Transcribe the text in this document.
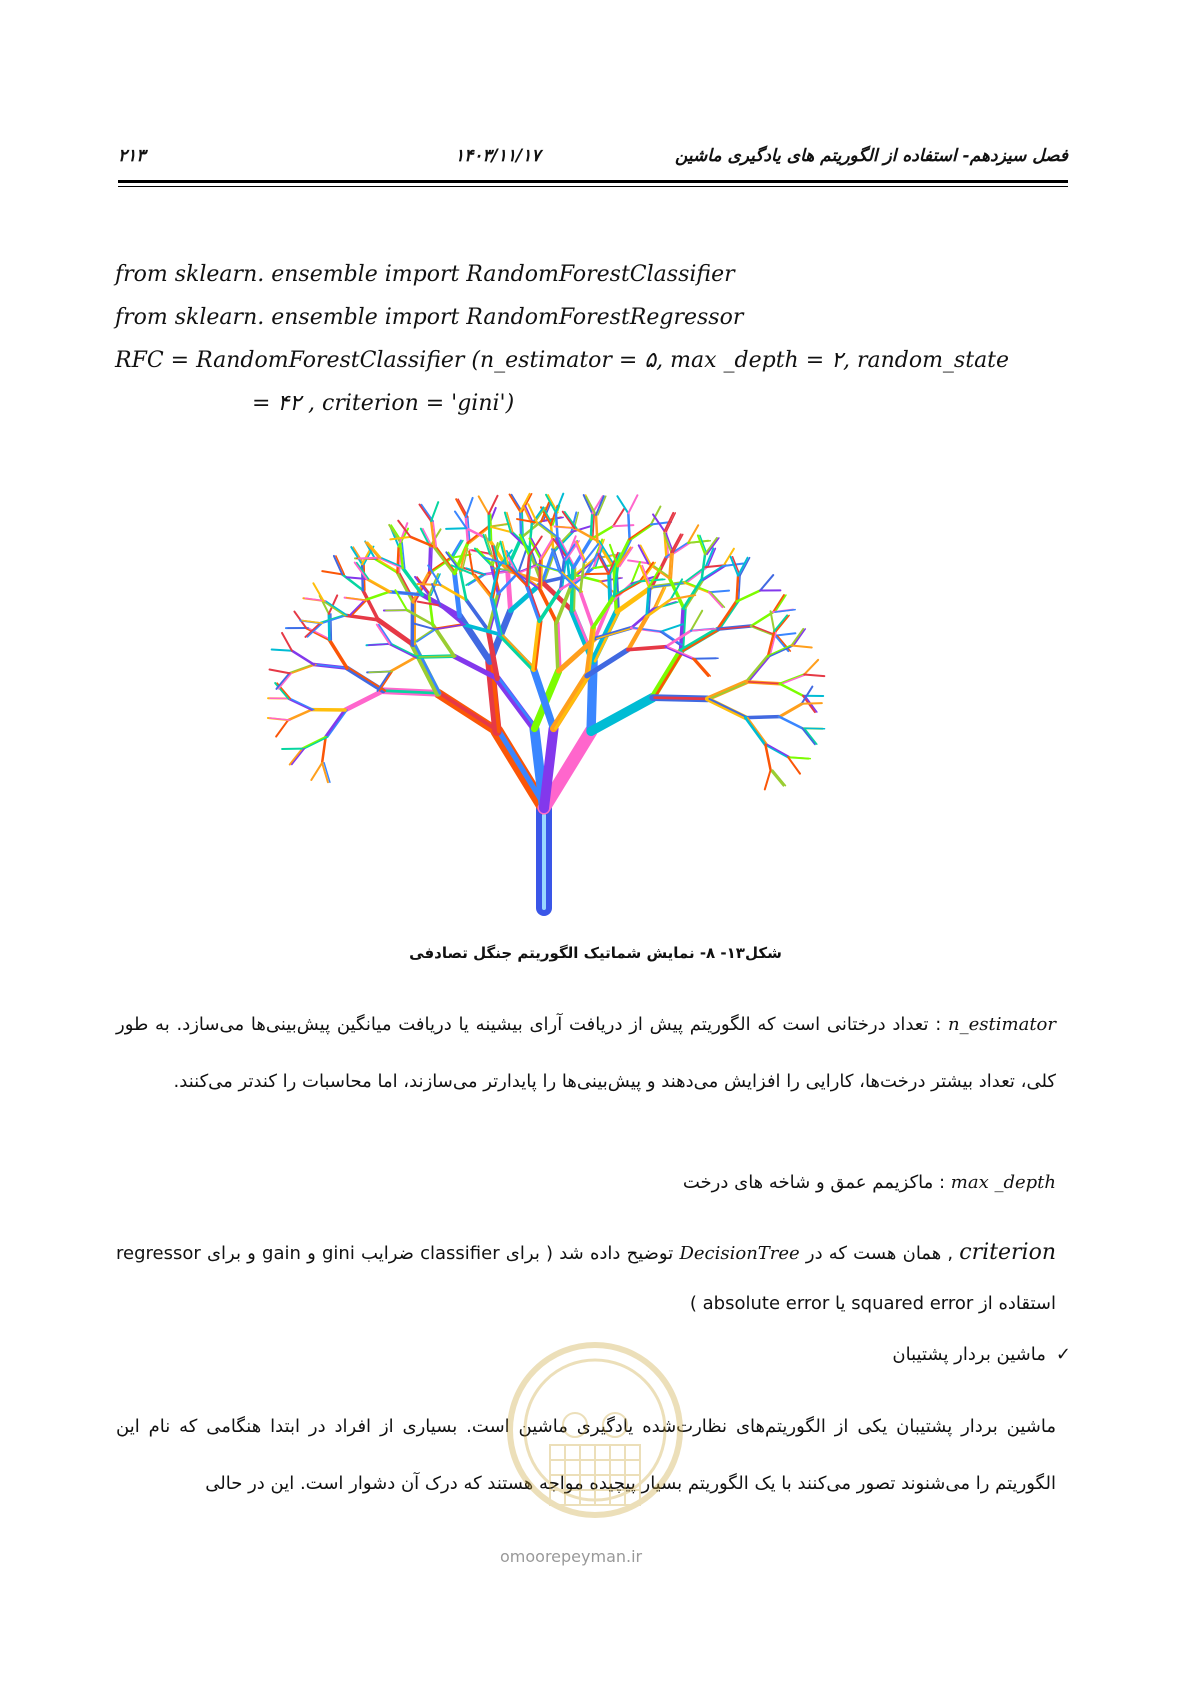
۲۱۳	۱۴۰۳/۱۱/۱۷	فصل سیزدهم- استفاده از الگوریتم های یادگیری ماشین
from sklearn. ensemble import RandomForestClassifier
from sklearn. ensemble import RandomForestRegressor
RFC = RandomForestClassifier (n_estimator = ۵, max _depth = ۲, random_state
= ۴۲ , criterion = 'gini')
شکل۱۳- ۸- نمایش شماتیک الگوریتم جنگل تصادفی
n_estimator : تعداد درختانی است که الگوریتم پیش از دریافت آرای بیشینه یا دریافت میانگین پیش‌بینی‌ها می‌سازد. به طور کلی، تعداد بیشتر درخت‌ها، کارایی را افزایش می‌دهند و پیش‌بینی‌ها را پایدارتر می‌سازند، اما محاسبات را کندتر می‌کنند.
max _depth : ماکزیمم عمق و شاخه های درخت
criterion , همان هست که در DecisionTree توضیح داده شد ( برای classifier ضرایب gini و gain و برای regressor استقاده از squared error یا absolute error )
✓ماشین بردار پشتیبان
ماشین بردار پشتیبان یکی از الگوریتم‌های نظارت‌شده یادگیری ماشین است. بسیاری از افراد در ابتدا هنگامی که نام این الگوریتم را می‌شنوند تصور می‌کنند با یک الگوریتم بسیار پیچیده مواجه هستند که درک آن دشوار است. این در حالی
omoorepeyman.ir
